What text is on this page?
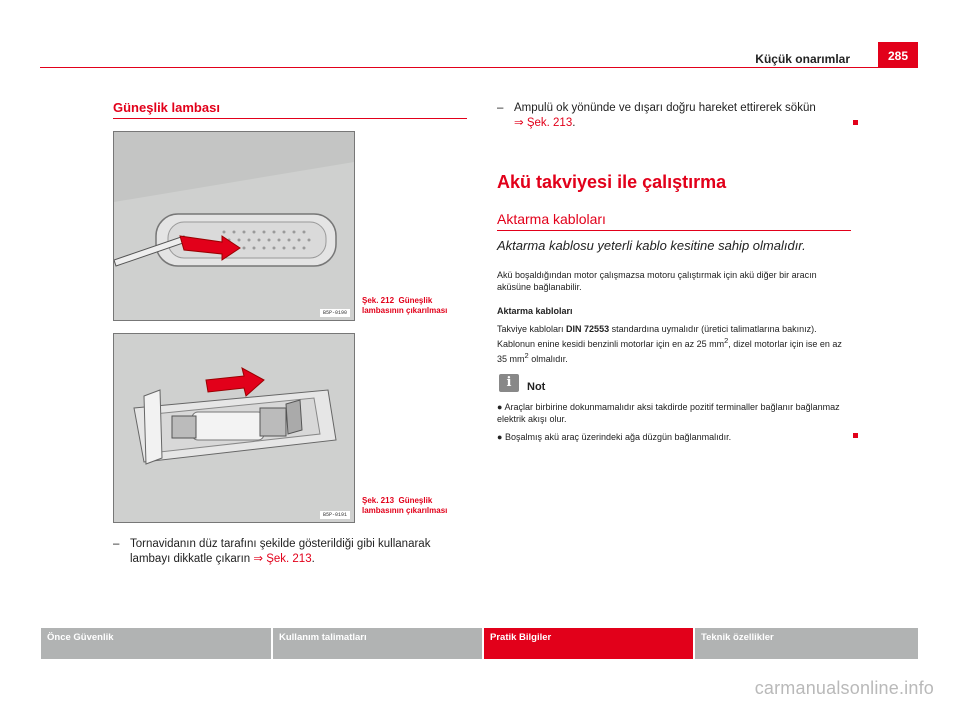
Küçük onarımlar	285
Güneşlik lambası
B5P-0190
Şek. 212 Güneşlik lambasının çıkarılması
B5P-0191
Şek. 213 Güneşlik lambasının çıkarılması
– Tornavidanın düz tarafını şekilde gösterildiği gibi kullanarak lambayı dikkatle çıkarın ⇒ Şek. 213.
– Ampulü ok yönünde ve dışarı doğru hareket ettirerek sökün
⇒ Şek. 213.
Akü takviyesi ile çalıştırma
Aktarma kabloları
Aktarma kablosu yeterli kablo kesitine sahip olmalıdır.
Akü boşaldığından motor çalışmazsa motoru çalıştırmak için akü diğer bir aracın aküsüne bağlanabilir.
Aktarma kabloları
Takviye kabloları DIN 72553 standardına uymalıdır (üretici talimatlarına bakınız). Kablonun enine kesidi benzinli motorlar için en az 25 $mm^2$, dizel motorlar için ise en az 35 $mm^2$ olmalıdır.
i	Not
● Araçlar birbirine dokunmamalıdır aksi takdirde pozitif terminaller bağlanır bağlanmaz elektrik akışı olur.
● Boşalmış akü araç üzerindeki ağa düzgün bağlanmalıdır.
Önce Güvenlik	Kullanım talimatları	Pratik Bilgiler	Teknik özellikler
carmanualsonline.info
